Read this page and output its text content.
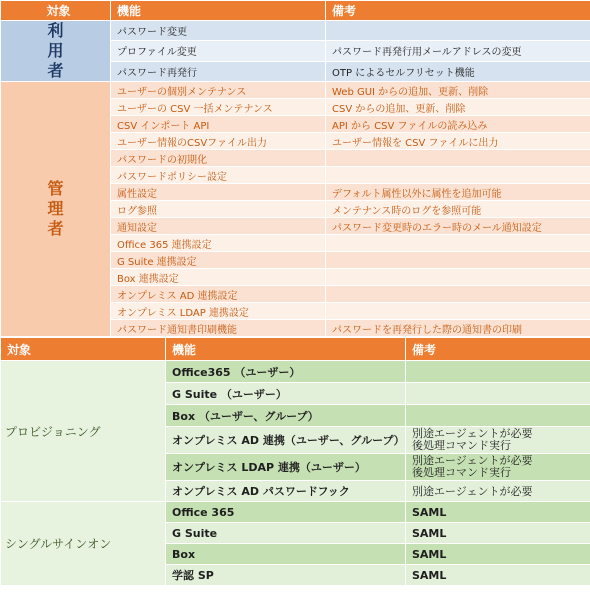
対象	機能	備考
利
用
者	パスワード変更	
	プロファイル変更	パスワード再発行用メールアドレスの変更
	パスワード再発行	OTP によるセルフリセット機能
管
理
者	ユーザーの個別メンテナンス	Web GUI からの追加、更新、削除
	ユーザーの CSV 一括メンテナンス	CSV からの追加、更新、削除
	CSV インポート API	API から CSV ファイルの読み込み
	ユーザー情報のCSVファイル出力	ユーザー情報を CSV ファイルに出力
	パスワードの初期化	
	パスワードポリシー設定	
	属性設定	デフォルト属性以外に属性を追加可能
	ログ参照	メンテナンス時のログを参照可能
	通知設定	パスワード変更時のエラー時のメール通知設定
	Office 365 連携設定	
	G Suite 連携設定	
	Box 連携設定	
	オンプレミス AD 連携設定	
	オンプレミス LDAP 連携設定	
	パスワード通知書印刷機能	パスワードを再発行した際の通知書の印刷
対象	機能	備考
プロビジョニング	Office365 （ユーザー）	
	G Suite （ユーザー）	
	Box （ユーザー、グループ）	
	オンプレミス AD 連携（ユーザー、グループ）	別途エージェントが必要
後処理コマンド実行
	オンプレミス LDAP 連携（ユーザー）	別途エージェントが必要
後処理コマンド実行
	オンプレミス AD パスワードフック	別途エージェントが必要
シングルサインオン	Office 365	SAML
	G Suite	SAML
	Box	SAML
	学認 SP	SAML
